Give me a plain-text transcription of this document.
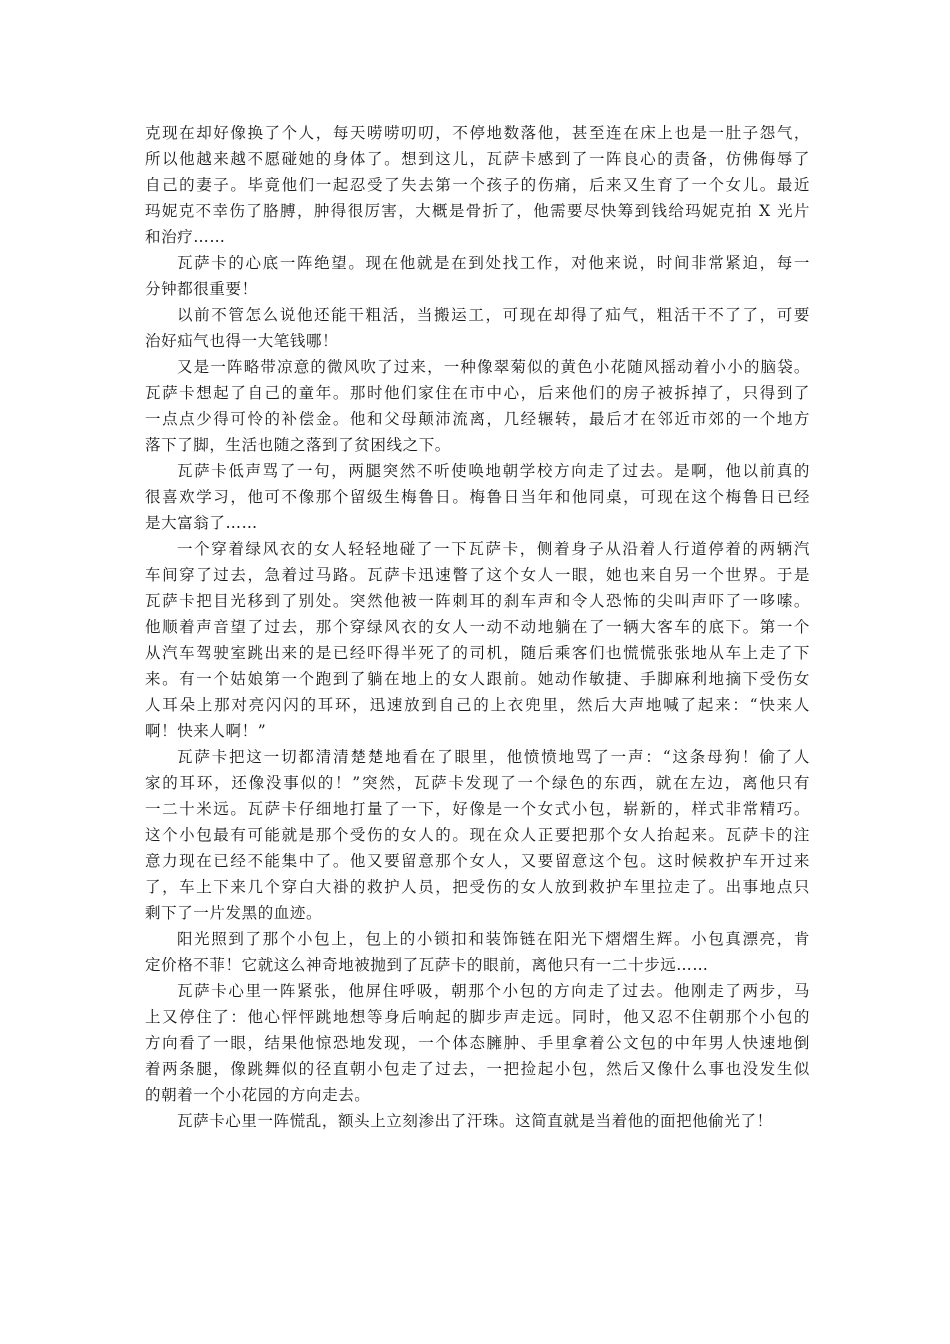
克现在却好像换了个人，每天唠唠叨叨，不停地数落他，甚至连在床上也是一肚子怨气，
所以他越来越不愿碰她的身体了。想到这儿，瓦萨卡感到了一阵良心的责备，仿佛侮辱了
自己的妻子。毕竟他们一起忍受了失去第一个孩子的伤痛，后来又生育了一个女儿。最近
玛妮克不幸伤了胳膊，肿得很厉害，大概是骨折了，他需要尽快筹到钱给玛妮克拍 X 光片
和治疗……
瓦萨卡的心底一阵绝望。现在他就是在到处找工作，对他来说，时间非常紧迫，每一
分钟都很重要！
以前不管怎么说他还能干粗活，当搬运工，可现在却得了疝气，粗活干不了了，可要
治好疝气也得一大笔钱哪！
又是一阵略带凉意的微风吹了过来，一种像翠菊似的黄色小花随风摇动着小小的脑袋。
瓦萨卡想起了自己的童年。那时他们家住在市中心，后来他们的房子被拆掉了，只得到了
一点点少得可怜的补偿金。他和父母颠沛流离，几经辗转，最后才在邻近市郊的一个地方
落下了脚，生活也随之落到了贫困线之下。
瓦萨卡低声骂了一句，两腿突然不听使唤地朝学校方向走了过去。是啊，他以前真的
很喜欢学习，他可不像那个留级生梅鲁日。梅鲁日当年和他同桌，可现在这个梅鲁日已经
是大富翁了……
一个穿着绿风衣的女人轻轻地碰了一下瓦萨卡，侧着身子从沿着人行道停着的两辆汽
车间穿了过去，急着过马路。瓦萨卡迅速瞥了这个女人一眼，她也来自另一个世界。于是
瓦萨卡把目光移到了别处。突然他被一阵刺耳的刹车声和令人恐怖的尖叫声吓了一哆嗦。
他顺着声音望了过去，那个穿绿风衣的女人一动不动地躺在了一辆大客车的底下。第一个
从汽车驾驶室跳出来的是已经吓得半死了的司机，随后乘客们也慌慌张张地从车上走了下
来。有一个姑娘第一个跑到了躺在地上的女人跟前。她动作敏捷、手脚麻利地摘下受伤女
人耳朵上那对亮闪闪的耳环，迅速放到自己的上衣兜里，然后大声地喊了起来：“快来人
啊！快来人啊！”
瓦萨卡把这一切都清清楚楚地看在了眼里，他愤愤地骂了一声：“这条母狗！偷了人
家的耳环，还像没事似的！”突然，瓦萨卡发现了一个绿色的东西，就在左边，离他只有
一二十米远。瓦萨卡仔细地打量了一下，好像是一个女式小包，崭新的，样式非常精巧。
这个小包最有可能就是那个受伤的女人的。现在众人正要把那个女人抬起来。瓦萨卡的注
意力现在已经不能集中了。他又要留意那个女人，又要留意这个包。这时候救护车开过来
了，车上下来几个穿白大褂的救护人员，把受伤的女人放到救护车里拉走了。出事地点只
剩下了一片发黑的血迹。
阳光照到了那个小包上，包上的小锁扣和装饰链在阳光下熠熠生辉。小包真漂亮，肯
定价格不菲！它就这么神奇地被抛到了瓦萨卡的眼前，离他只有一二十步远……
瓦萨卡心里一阵紧张，他屏住呼吸，朝那个小包的方向走了过去。他刚走了两步，马
上又停住了：他心怦怦跳地想等身后响起的脚步声走远。同时，他又忍不住朝那个小包的
方向看了一眼，结果他惊恐地发现，一个体态臃肿、手里拿着公文包的中年男人快速地倒
着两条腿，像跳舞似的径直朝小包走了过去，一把捡起小包，然后又像什么事也没发生似
的朝着一个小花园的方向走去。
瓦萨卡心里一阵慌乱，额头上立刻渗出了汗珠。这简直就是当着他的面把他偷光了！
